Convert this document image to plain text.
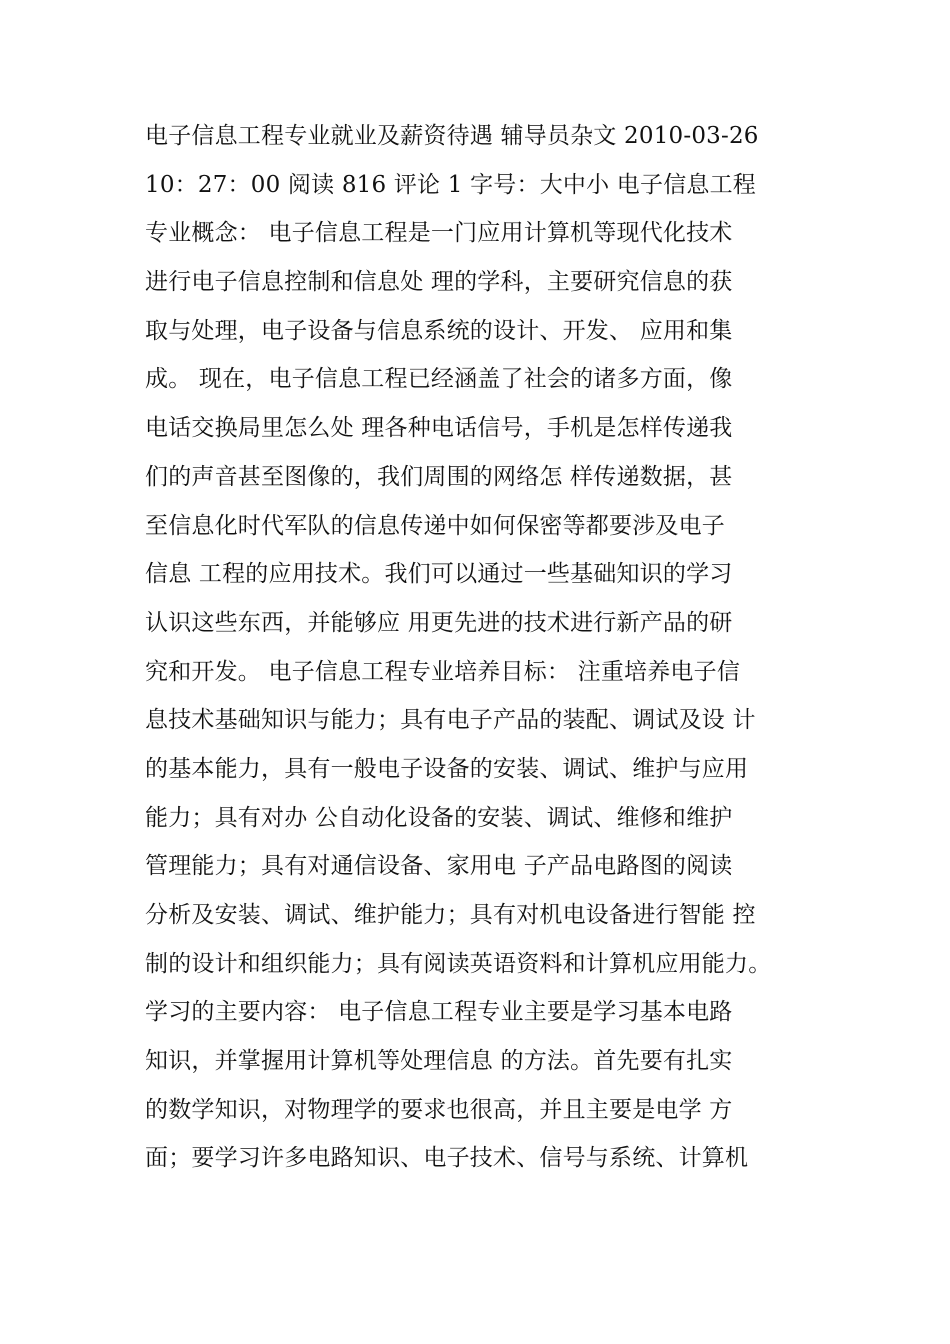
电子信息工程专业就业及薪资待遇 辅导员杂文 2010-03-26
10：27：00 阅读 816 评论 1 字号：大中小 电子信息工程
专业概念： 电子信息工程是一门应用计算机等现代化技术
进行电子信息控制和信息处 理的学科，主要研究信息的获
取与处理，电子设备与信息系统的设计、开发、 应用和集
成。 现在，电子信息工程已经涵盖了社会的诸多方面，像
电话交换局里怎么处 理各种电话信号，手机是怎样传递我
们的声音甚至图像的，我们周围的网络怎 样传递数据，甚
至信息化时代军队的信息传递中如何保密等都要涉及电子
信息 工程的应用技术。我们可以通过一些基础知识的学习
认识这些东西，并能够应 用更先进的技术进行新产品的研
究和开发。 电子信息工程专业培养目标： 注重培养电子信
息技术基础知识与能力；具有电子产品的装配、调试及设 计
的基本能力，具有一般电子设备的安装、调试、维护与应用
能力；具有对办 公自动化设备的安装、调试、维修和维护
管理能力；具有对通信设备、家用电 子产品电路图的阅读
分析及安装、调试、维护能力；具有对机电设备进行智能 控
制的设计和组织能力；具有阅读英语资料和计算机应用能力。
学习的主要内容： 电子信息工程专业主要是学习基本电路
知识，并掌握用计算机等处理信息 的方法。首先要有扎实
的数学知识，对物理学的要求也很高，并且主要是电学 方
面；要学习许多电路知识、电子技术、信号与系统、计算机
